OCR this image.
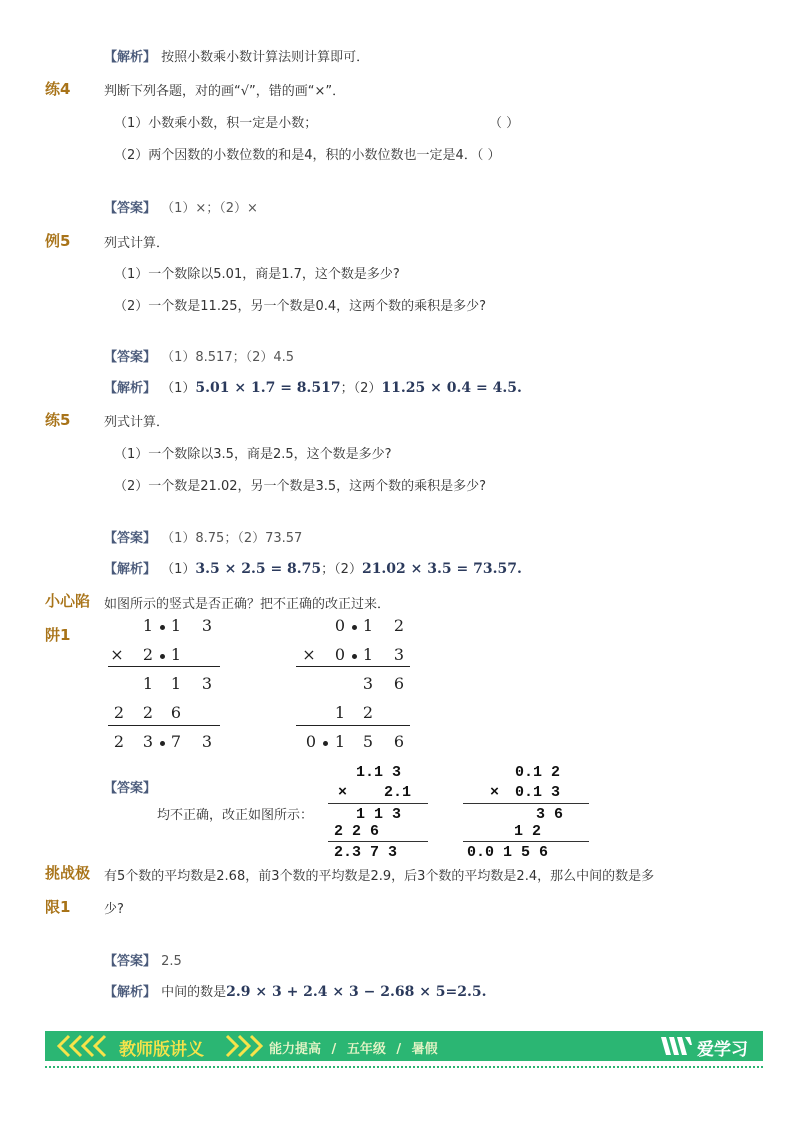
【解析】 按照小数乘小数计算法则计算即可．
练4	判断下列各题，对的画“√”，错的画“×”．
（1）小数乘小数，积一定是小数；	（ ）
（2）两个因数的小数位数的和是4，积的小数位数也一定是4．（ ）
【答案】 （1）×；（2）×
例5	列式计算．
（1）一个数除以5.01，商是1.7，这个数是多少?
（2）一个数是11.25，另一个数是0.4，这两个数的乘积是多少?
【答案】 （1）8.517；（2）4.5
【解析】 （1）5.01 × 1.7 = 8.517；（2）11.25 × 0.4 = 4.5.
练5	列式计算．
（1）一个数除以3.5，商是2.5，这个数是多少?
（2）一个数是21.02，另一个数是3.5，这两个数的乘积是多少?
【答案】 （1）8.75；（2）73.57
【解析】 （1）3.5 × 2.5 = 8.75；（2）21.02 × 3.5 = 73.57.
小心陷
阱1
如图所示的竖式是否正确？把不正确的改正过来．
1 1 3
× 2 1
1 1 3
2 2 6
2 3 7 3
0 1 2
× 0 1 3
3 6
1 2
0 1 5 6
【答案】
均不正确，改正如图所示：
1.1 3
× 2.1
1 1 3
2 2 6
2.3 7 3
0.1 2
× 0.1 3
3 6
1 2
0.0 1 5 6
挑战极
限1
有5个数的平均数是2.68，前3个数的平均数是2.9，后3个数的平均数是2.4，那么中间的数是多
少?
【答案】 2.5
【解析】 中间的数是2.9 × 3 + 2.4 × 3 − 2.68 × 5=2.5.
教师版讲义	能力提高 / 五年级 / 暑假	爱学习
